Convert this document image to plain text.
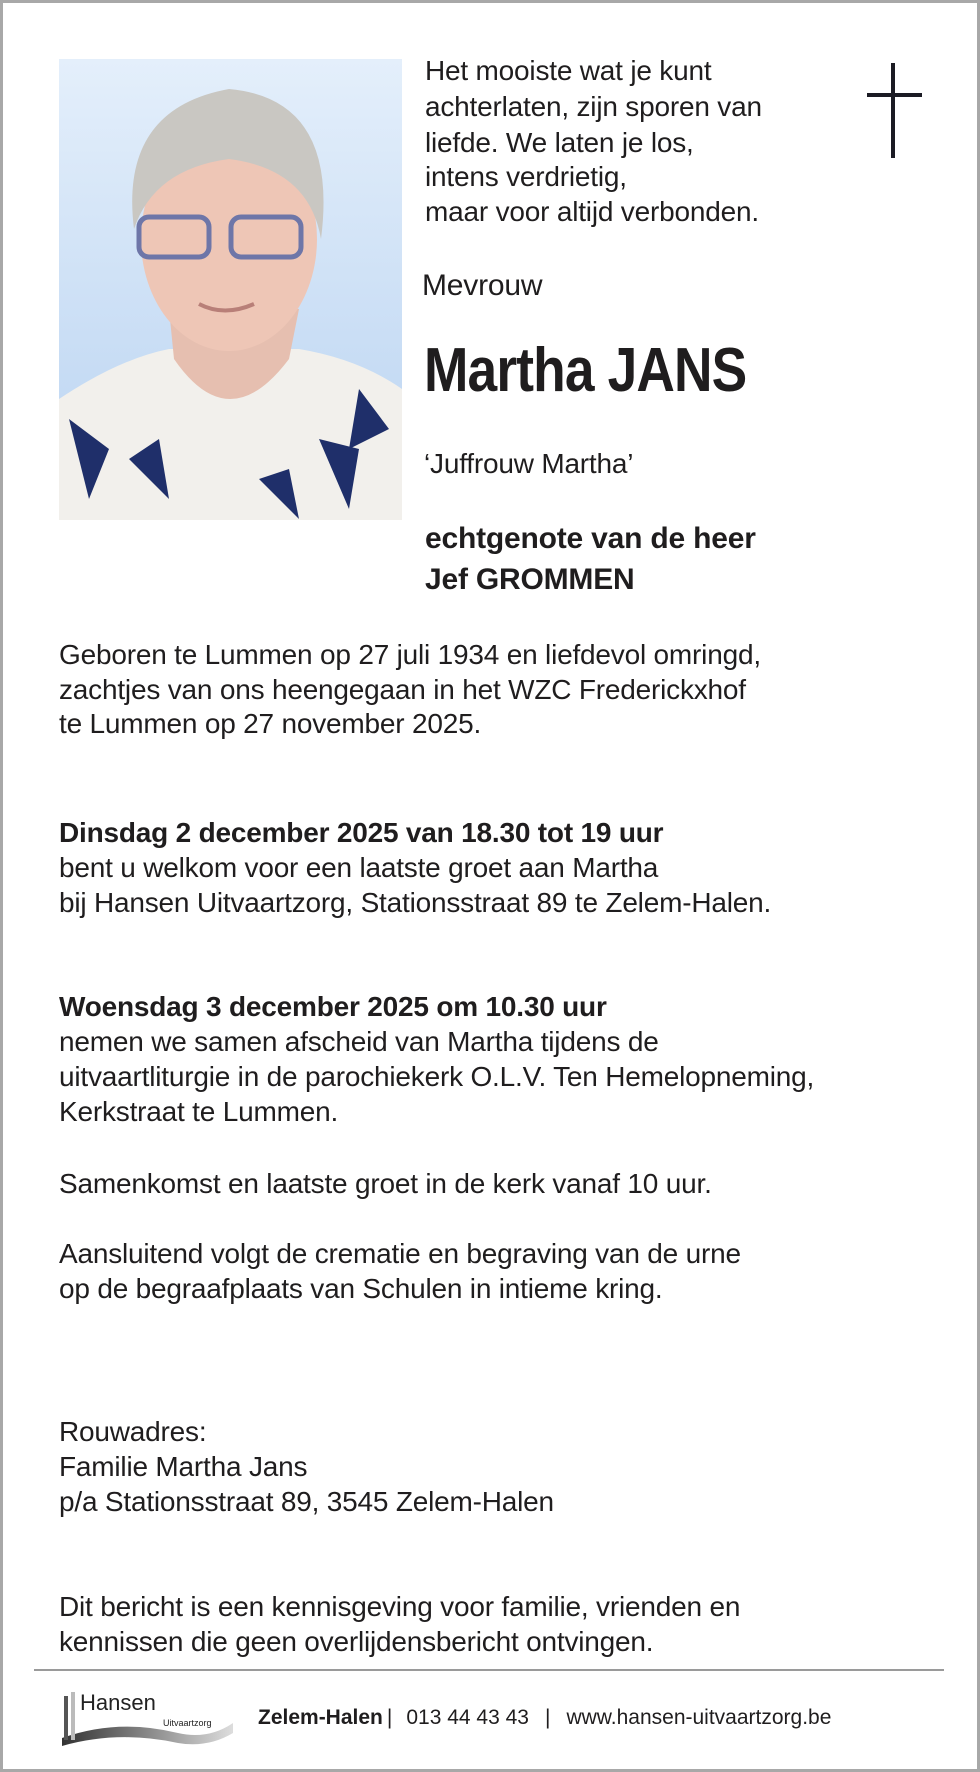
Het mooiste wat je kunt
achterlaten, zijn sporen van
liefde. We laten je los,
intens verdrietig,
maar voor altijd verbonden.
Mevrouw
Martha JANS
‘Juffrouw Martha’
echtgenote van de heer
Jef GROMMEN
Geboren te Lummen op 27 juli 1934 en liefdevol omringd,
zachtjes van ons heengegaan in het WZC Frederickxhof
te Lummen op 27 november 2025.
Dinsdag 2 december 2025 van 18.30 tot 19 uur
bent u welkom voor een laatste groet aan Martha
bij Hansen Uitvaartzorg, Stationsstraat 89 te Zelem-Halen.
Woensdag 3 december 2025 om 10.30 uur
nemen we samen afscheid van Martha tijdens de
uitvaartliturgie in de parochiekerk O.L.V. Ten Hemelopneming,
Kerkstraat te Lummen.
Samenkomst en laatste groet in de kerk vanaf 10 uur.
Aansluitend volgt de crematie en begraving van de urne
op de begraafplaats van Schulen in intieme kring.
Rouwadres:
Familie Martha Jans
p/a Stationsstraat 89, 3545 Zelem-Halen
Dit bericht is een kennisgeving voor familie, vrienden en
kennissen die geen overlijdensbericht ontvingen.
Hansen
Uitvaartzorg Zelem-Halen | 013 44 43 43 | www.hansen-uitvaartzorg.be
